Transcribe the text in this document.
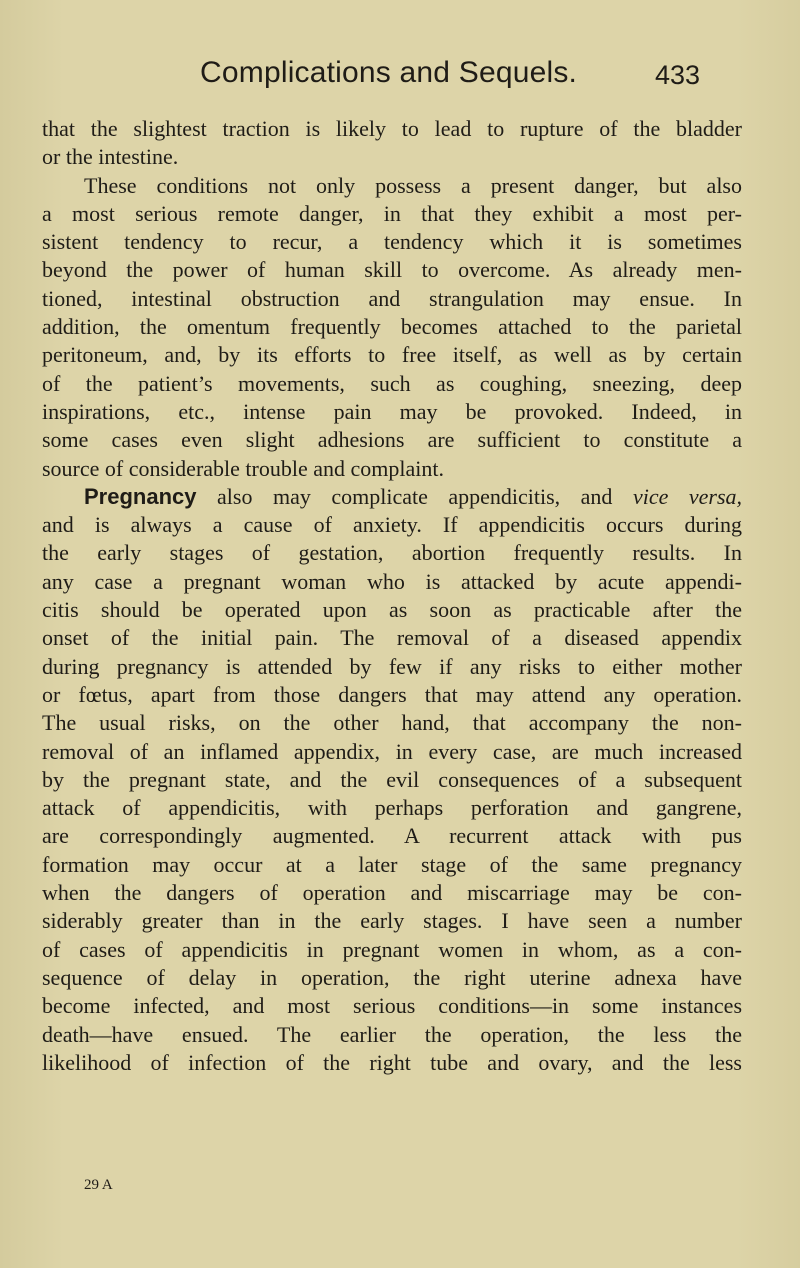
Complications and Sequels.	433
that the slightest traction is likely to lead to rupture of the bladder
or the intestine.
These conditions not only possess a present danger, but also
a most serious remote danger, in that they exhibit a most per-
sistent tendency to recur, a tendency which it is sometimes
beyond the power of human skill to overcome. As already men-
tioned, intestinal obstruction and strangulation may ensue. In
addition, the omentum frequently becomes attached to the parietal
peritoneum, and, by its efforts to free itself, as well as by certain
of the patient’s movements, such as coughing, sneezing, deep
inspirations, etc., intense pain may be provoked. Indeed, in
some cases even slight adhesions are sufficient to constitute a
source of considerable trouble and complaint.
Pregnancy also may complicate appendicitis, and vice versa,
and is always a cause of anxiety. If appendicitis occurs during
the early stages of gestation, abortion frequently results. In
any case a pregnant woman who is attacked by acute appendi-
citis should be operated upon as soon as practicable after the
onset of the initial pain. The removal of a diseased appendix
during pregnancy is attended by few if any risks to either mother
or fœtus, apart from those dangers that may attend any operation.
The usual risks, on the other hand, that accompany the non-
removal of an inflamed appendix, in every case, are much increased
by the pregnant state, and the evil consequences of a subsequent
attack of appendicitis, with perhaps perforation and gangrene,
are correspondingly augmented. A recurrent attack with pus
formation may occur at a later stage of the same pregnancy
when the dangers of operation and miscarriage may be con-
siderably greater than in the early stages. I have seen a number
of cases of appendicitis in pregnant women in whom, as a con-
sequence of delay in operation, the right uterine adnexa have
become infected, and most serious conditions—in some instances
death—have ensued. The earlier the operation, the less the
likelihood of infection of the right tube and ovary, and the less
29 A
